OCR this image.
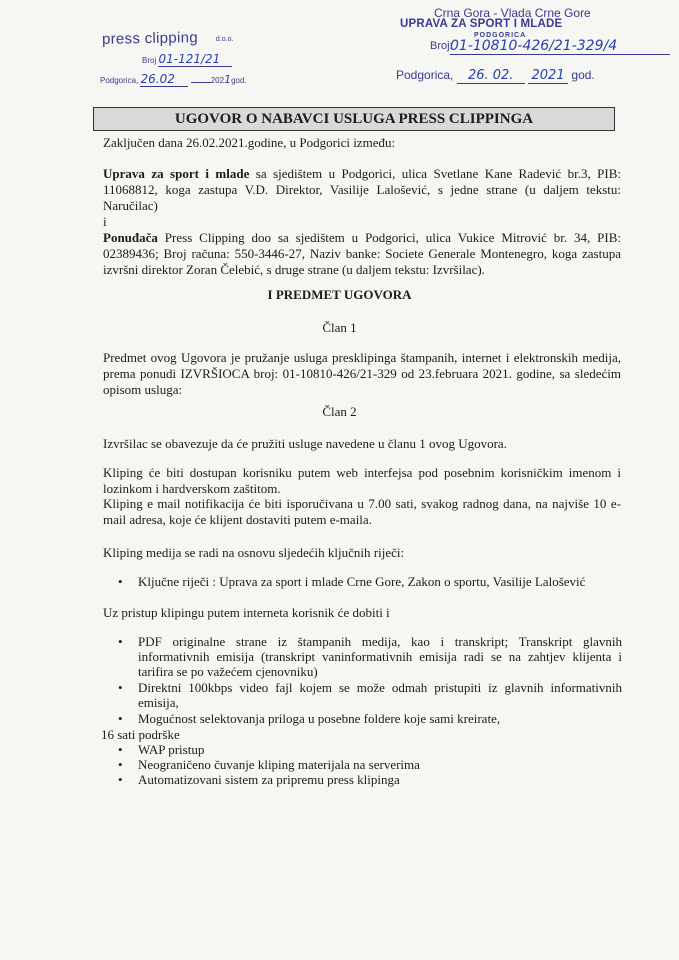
press clipping	d.o.o.
Broj 01-121/21
Podgorica, 26.02	2021god.
Crna Gora - Vlada Crne Gore
UPRAVA ZA SPORT I MLADE
PODGORICA
Broj:
01-10810-426/21-329/4
Podgorica, 26. 02. 2021 god.
UGOVOR O NABAVCI USLUGA PRESS CLIPPINGA
Zaključen dana 26.02.2021.godine, u Podgorici između:
Uprava za sport i mlade sa sjedištem u Podgorici, ulica Svetlane Kane Radević br.3, PIB: 11068812, koga zastupa V.D. Direktor, Vasilije Lalošević, s jedne strane (u daljem tekstu: Naručilac)
i
Ponuđača Press Clipping doo sa sjedištem u Podgorici, ulica Vukice Mitrović br. 34, PIB: 02389436; Broj računa: 550-3446-27, Naziv banke: Societe Generale Montenegro, koga zastupa izvršni direktor Zoran Čelebić, s druge strane (u daljem tekstu: Izvršilac).
I PREDMET UGOVORA
Član 1
Predmet ovog Ugovora je pružanje usluga presklipinga štampanih, internet i elektronskih medija, prema ponudi IZVRŠIOCA broj: 01-10810-426/21-329 od 23.februara 2021. godine, sa sledećim opisom usluga:
Član 2
Izvršilac se obavezuje da će pružiti usluge navedene u članu 1 ovog Ugovora.
Kliping će biti dostupan korisniku putem web interfejsa pod posebnim korisničkim imenom i lozinkom i hardverskom zaštitom.
Kliping e mail notifikacija će biti isporučivana u 7.00 sati, svakog radnog dana, na najviše 10 e-mail adresa, koje će klijent dostaviti putem e-maila.
Kliping medija se radi na osnovu sljedećih ključnih riječi:
• Ključne riječi : Uprava za sport i mlade Crne Gore, Zakon o sportu, Vasilije Lalošević
Uz pristup klipingu putem interneta korisnik će dobiti i
• PDF originalne strane iz štampanih medija, kao i transkript; Transkript glavnih informativnih emisija (transkript vaninformativnih emisija radi se na zahtjev klijenta i tarifira se po važećem cjenovniku)
• Direktni 100kbps video fajl kojem se može odmah pristupiti iz glavnih informativnih emisija,
• Mogućnost selektovanja priloga u posebne foldere koje sami kreirate,
16 sati podrške
• WAP pristup
• Neograničeno čuvanje kliping materijala na serverima
• Automatizovani sistem za pripremu press klipinga
